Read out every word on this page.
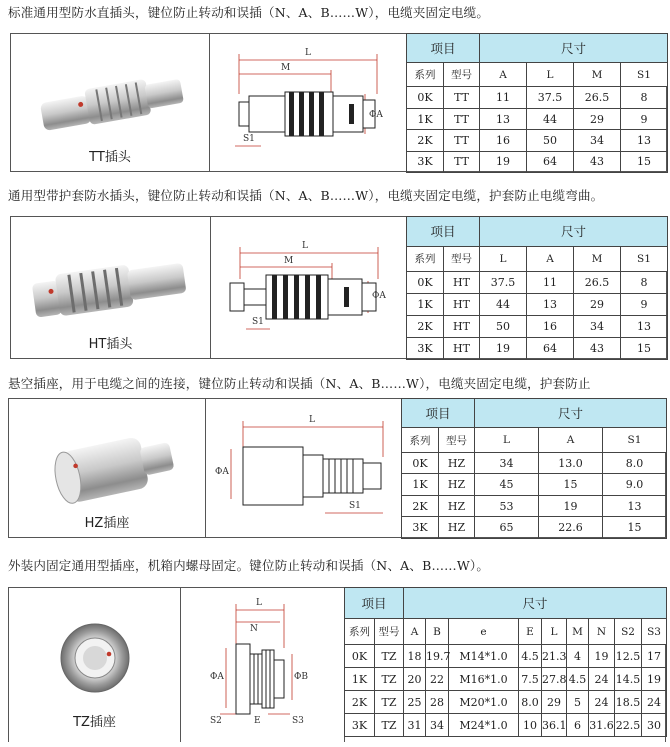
标准通用型防水直插头，键位防止转动和误插（N、A、B……W），电缆夹固定电缆。
TT插头
L
M
ΦA
S1
项目		尺寸			
系列	型号	A	L	M	S1
0K	TT	11	37.5	26.5	8
1K	TT	13	44	29	9
2K	TT	16	50	34	13
3K	TT	19	64	43	15
通用型带护套防水插头，键位防止转动和误插（N、A、B……W），电缆夹固定电缆，护套防止电缆弯曲。
HT插头
L
M
ΦA
S1
项目		尺寸			
系列	型号	L	A	M	S1
0K	HT	37.5	11	26.5	8
1K	HT	44	13	29	9
2K	HT	50	16	34	13
3K	HT	19	64	43	15
悬空插座，用于电缆之间的连接，键位防止转动和误插（N、A、B……W），电缆夹固定电缆，护套防止
HZ插座
L
ΦA
S1
项目		尺寸		
系列	型号	L	A	S1
0K	HZ	34	13.0	8.0
1K	HZ	45	15	9.0
2K	HZ	53	19	13
3K	HZ	65	22.6	15
外装内固定通用型插座，机箱内螺母固定。键位防止转动和误插（N、A、B……W）。
TZ插座
L
N
ΦA	ΦB
E
S2	S3
项目		尺寸								
系列	型号	A	B	e	E	L	M	N	S2	S3
0K	TZ	18	19.7	M14*1.0	4.5	21.3	4	19	12.5	17
1K	TZ	20	22	M16*1.0	7.5	27.8	4.5	24	14.5	19
2K	TZ	25	28	M20*1.0	8.0	29	5	24	18.5	24
3K	TZ	31	34	M24*1.0	10	36.1	6	31.6	22.5	30
